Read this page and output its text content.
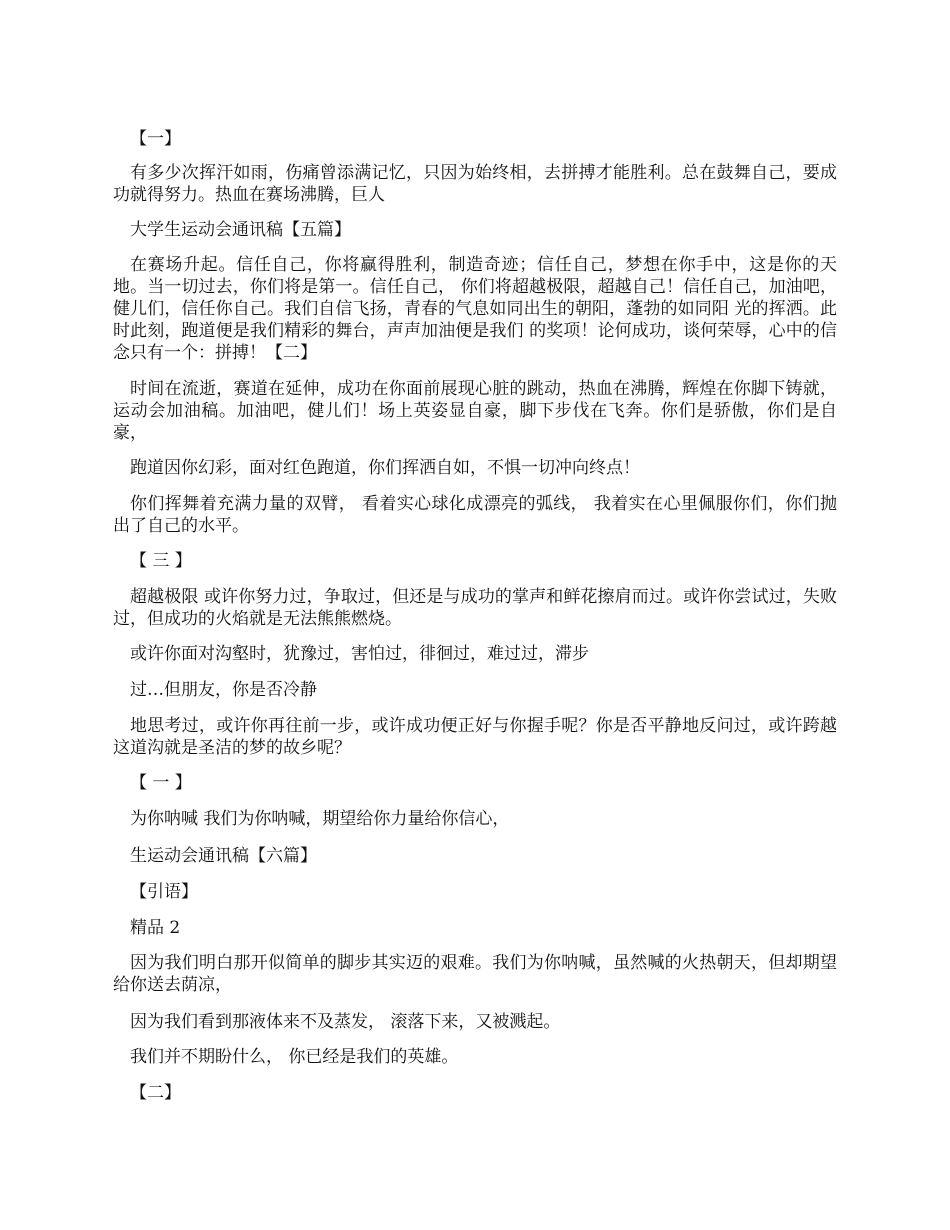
【一】

有多少次挥汗如雨，伤痛曾添满记忆，只因为始终相，去拼搏才能胜利。总在鼓舞自己，要成功就得努力。热血在赛场沸腾，巨人

大学生运动会通讯稿【五篇】

在赛场升起。信任自己，你将赢得胜利，制造奇迹；信任自己，梦想在你手中，这是你的天地。当一切过去，你们将是第一。信任自己， 你们将超越极限，超越自己！信任自己，加油吧，健儿们，信任你自己。我们自信飞扬，青春的气息如同出生的朝阳，蓬勃的如同阳 光的挥洒。此时此刻，跑道便是我们精彩的舞台，声声加油便是我们 的奖项！论何成功，谈何荣辱，心中的信念只有一个：拼搏！【二】

时间在流逝，赛道在延伸，成功在你面前展现心脏的跳动，热血在沸腾，辉煌在你脚下铸就，运动会加油稿。加油吧，健儿们！场上英姿显自豪，脚下步伐在飞奔。你们是骄傲，你们是自豪，

跑道因你幻彩，面对红色跑道，你们挥洒自如，不惧一切冲向终点！

你们挥舞着充满力量的双臂， 看着实心球化成漂亮的弧线， 我着实在心里佩服你们，你们抛出了自己的水平。

【 三 】

超越极限 或许你努力过，争取过，但还是与成功的掌声和鲜花擦肩而过。或许你尝试过，失败过，但成功的火焰就是无法熊熊燃烧。

或许你面对沟壑时，犹豫过，害怕过，徘徊过，难过过，滞步

过…但朋友，你是否冷静

地思考过，或许你再往前一步，或许成功便正好与你握手呢？你是否平静地反问过，或许跨越 这道沟就是圣洁的梦的故乡呢？

【 一 】

为你呐喊 我们为你呐喊，期望给你力量给你信心，

生运动会通讯稿【六篇】

【引语】

精品 2

因为我们明白那开似简单的脚步其实迈的艰难。我们为你呐喊，虽然喊的火热朝天，但却期望给你送去荫凉，

因为我们看到那液体来不及蒸发， 滚落下来，又被溅起。

我们并不期盼什么， 你已经是我们的英雄。

【二】
